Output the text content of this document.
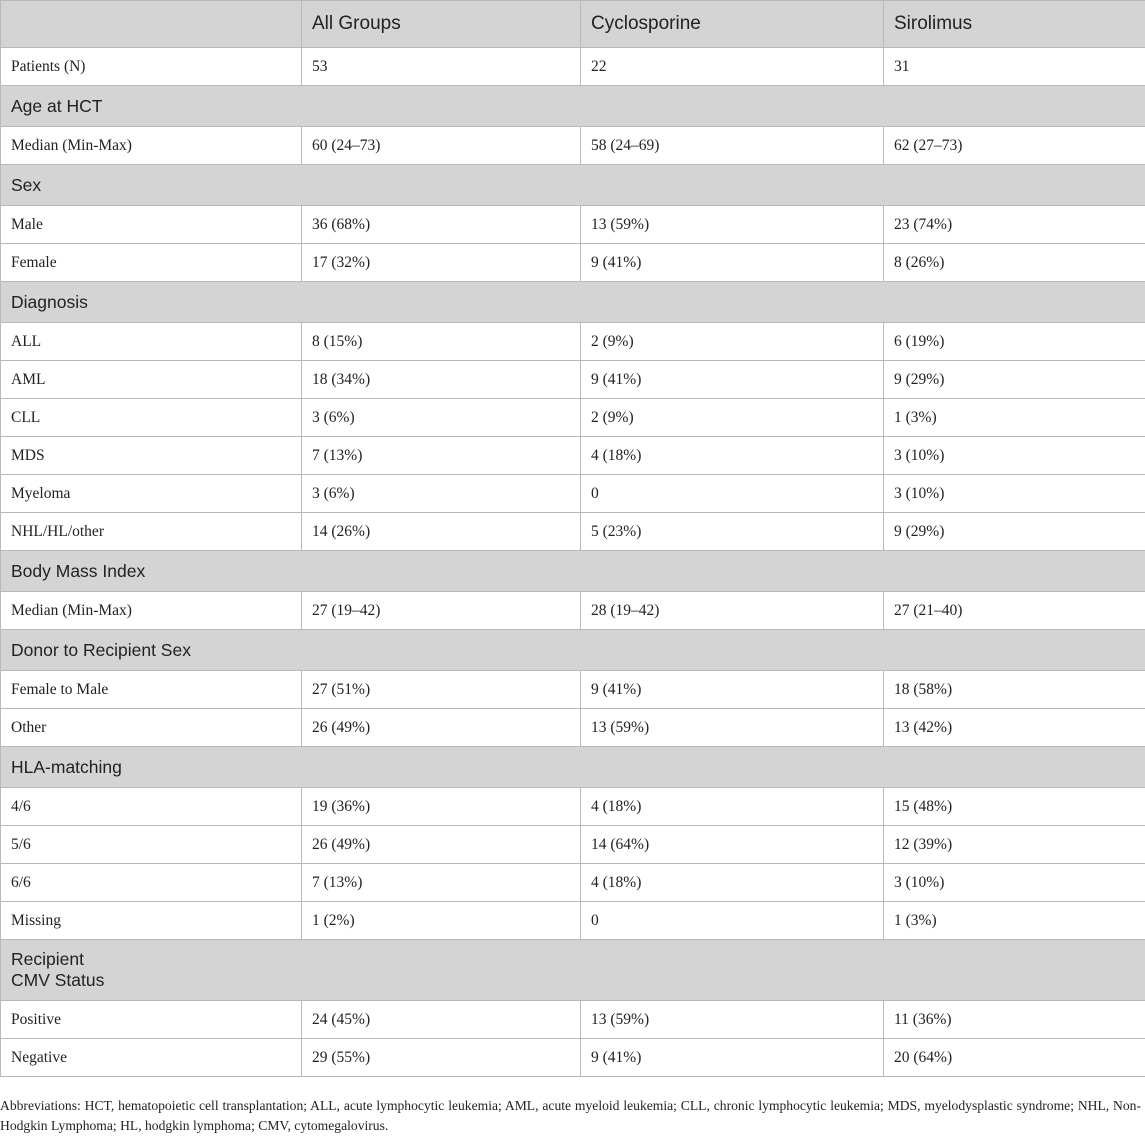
	All Groups	Cyclosporine	Sirolimus
Patients (N)	53	22	31
Age at HCT			
Median (Min-Max)	60 (24–73)	58 (24–69)	62 (27–73)
Sex			
Male	36 (68%)	13 (59%)	23 (74%)
Female	17 (32%)	9 (41%)	8 (26%)
Diagnosis			
ALL	8 (15%)	2 (9%)	6 (19%)
AML	18 (34%)	9 (41%)	9 (29%)
CLL	3 (6%)	2 (9%)	1 (3%)
MDS	7 (13%)	4 (18%)	3 (10%)
Myeloma	3 (6%)	0	3 (10%)
NHL/HL/other	14 (26%)	5 (23%)	9 (29%)
Body Mass Index			
Median (Min-Max)	27 (19–42)	28 (19–42)	27 (21–40)
Donor to Recipient Sex			
Female to Male	27 (51%)	9 (41%)	18 (58%)
Other	26 (49%)	13 (59%)	13 (42%)
HLA-matching			
4/6	19 (36%)	4 (18%)	15 (48%)
5/6	26 (49%)	14 (64%)	12 (39%)
6/6	7 (13%)	4 (18%)	3 (10%)
Missing	1 (2%)	0	1 (3%)
Recipient
CMV Status			
Positive	24 (45%)	13 (59%)	11 (36%)
Negative	29 (55%)	9 (41%)	20 (64%)
Abbreviations: HCT, hematopoietic cell transplantation; ALL, acute lymphocytic leukemia; AML, acute myeloid leukemia; CLL, chronic lymphocytic leukemia; MDS, myelodysplastic syndrome; NHL, Non-Hodgkin Lymphoma; HL, hodgkin lymphoma; CMV, cytomegalovirus.
